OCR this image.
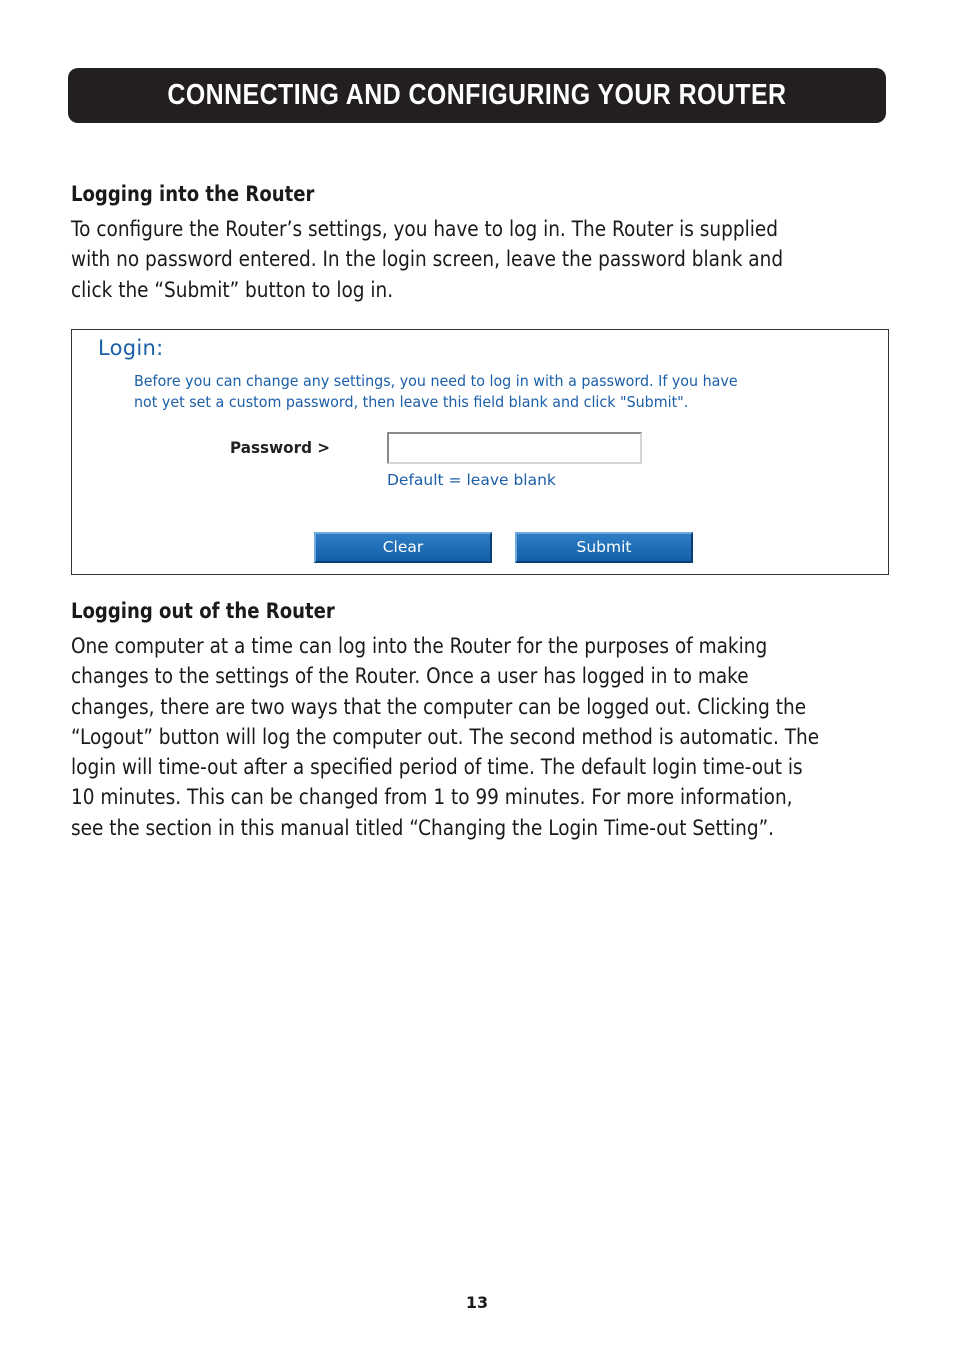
CONNECTING AND CONFIGURING YOUR ROUTER
Logging into the Router

To configure the Router’s settings, you have to log in. The Router is supplied
with no password entered. In the login screen, leave the password blank and
click the “Submit” button to log in.

Login:
Before you can change any settings, you need to log in with a password. If you have
not yet set a custom password, then leave this field blank and click "Submit".
Password >
Default = leave blank
Clear	Submit
Logging out of the Router

One computer at a time can log into the Router for the purposes of making
changes to the settings of the Router. Once a user has logged in to make
changes, there are two ways that the computer can be logged out. Clicking the
“Logout” button will log the computer out. The second method is automatic. The
login will time-out after a specified period of time. The default login time-out is
10 minutes. This can be changed from 1 to 99 minutes. For more information,
see the section in this manual titled “Changing the Login Time-out Setting”.

13
